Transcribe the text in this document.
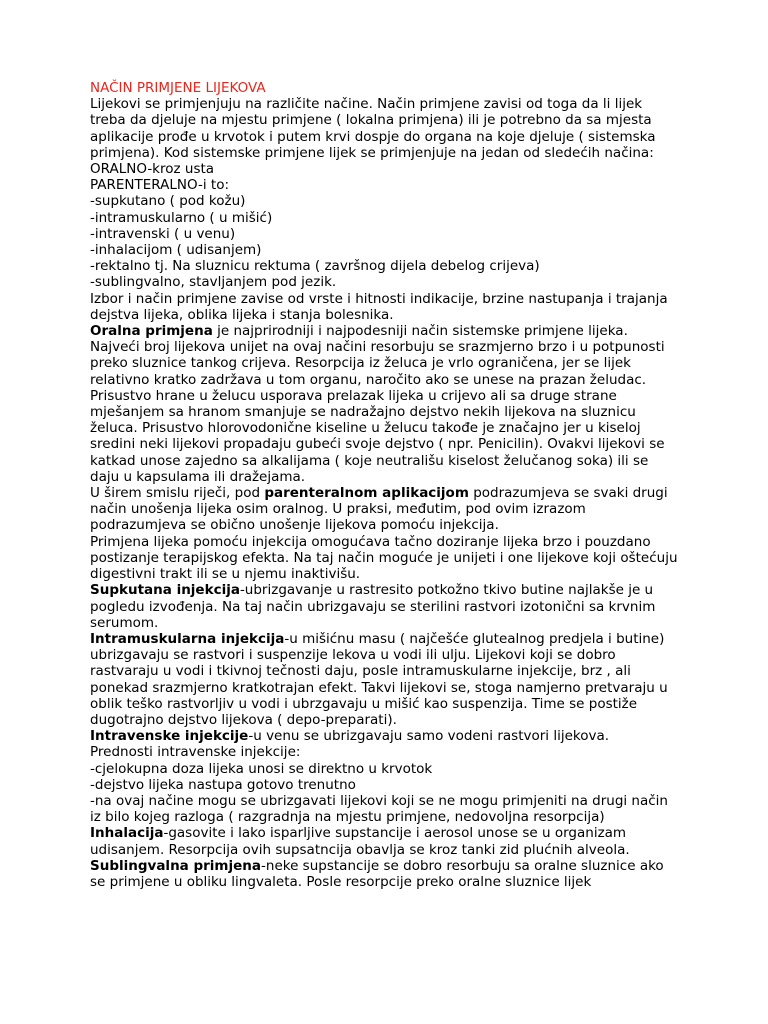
NAČIN PRIMJENE LIJEKOVA

Lijekovi se primjenjuju na različite načine. Način primjene zavisi od toga da li lijek treba da djeluje na mjestu primjene ( lokalna primjena) ili je potrebno da sa mjesta aplikacije prođe u krvotok i putem krvi dospje do organa na koje djeluje ( sistemska primjena). Kod sistemske primjene lijek se primjenjuje na jedan od sledećih načina:

ORALNO-kroz usta

PARENTERALNO-i to:

-supkutano ( pod kožu)

-intramuskularno ( u mišić)

-intravenski ( u venu)

-inhalacijom ( udisanjem)

-rektalno tj. Na sluznicu rektuma ( završnog dijela debelog crijeva)

-sublingvalno, stavljanjem pod jezik.

Izbor i način primjene zavise od vrste i hitnosti indikacije, brzine nastupanja i trajanja dejstva lijeka, oblika lijeka i stanja bolesnika.

Oralna primjena je najprirodniji i najpodesniji način sistemske primjene lijeka. Najveći broj lijekova unijet na ovaj načini resorbuju se srazmjerno brzo i u potpunosti preko sluznice tankog crijeva. Resorpcija iz želuca je vrlo ograničena, jer se lijek relativno kratko zadržava u tom organu, naročito ako se unese na prazan želudac. Prisustvo hrane u želucu usporava prelazak lijeka u crijevo ali sa druge strane mješanjem sa hranom smanjuje se nadražajno dejstvo nekih lijekova na sluznicu želuca. Prisustvo hlorovodonične kiseline u želucu takođe je značajno jer u kiseloj sredini neki lijekovi propadaju gubeći svoje dejstvo ( npr. Penicilin). Ovakvi lijekovi se katkad unose zajedno sa alkalijama ( koje neutrališu kiselost želučanog soka) ili se daju u kapsulama ili dražejama.

U širem smislu riječi, pod parenteralnom aplikacijom podrazumjeva se svaki drugi način unošenja lijeka osim oralnog. U praksi, međutim, pod ovim izrazom podrazumjeva se obično unošenje lijekova pomoću injekcija.

Primjena lijeka pomoću injekcija omogućava tačno doziranje lijeka brzo i pouzdano postizanje terapijskog efekta. Na taj način moguće je unijeti i one lijekove koji oštećuju digestivni trakt ili se u njemu inaktivišu.

Supkutana injekcija-ubrizgavanje u rastresito potkožno tkivo butine najlakše je u pogledu izvođenja. Na taj način ubrizgavaju se sterilini rastvori izotonični sa krvnim serumom.

Intramuskularna injekcija-u mišićnu masu ( najčešće glutealnog predjela i butine) ubrizgavaju se rastvori i suspenzije lekova u vodi ili ulju. Lijekovi koji se dobro rastvaraju u vodi i tkivnoj tečnosti daju, posle intramuskularne injekcije, brz , ali ponekad srazmjerno kratkotrajan efekt. Takvi lijekovi se, stoga namjerno pretvaraju u oblik teško rastvorljiv u vodi i ubrzgavaju u mišić kao suspenzija. Time se postiže dugotrajno dejstvo lijekova ( depo-preparati).

Intravenske injekcije-u venu se ubrizgavaju samo vodeni rastvori lijekova.

Prednosti intravenske injekcije:

-cjelokupna doza lijeka unosi se direktno u krvotok

-dejstvo lijeka nastupa gotovo trenutno

-na ovaj načine mogu se ubrizgavati lijekovi koji se ne mogu primjeniti na drugi način iz bilo kojeg razloga ( razgradnja na mjestu primjene, nedovoljna resorpcija)

Inhalacija-gasovite i lako isparljive supstancije i aerosol unose se u organizam udisanjem. Resorpcija ovih supsatncija obavlja se kroz tanki zid plućnih alveola.

Sublingvalna primjena-neke supstancije se dobro resorbuju sa oralne sluznice ako se primjene u obliku lingvaleta. Posle resorpcije preko oralne sluznice lijek
